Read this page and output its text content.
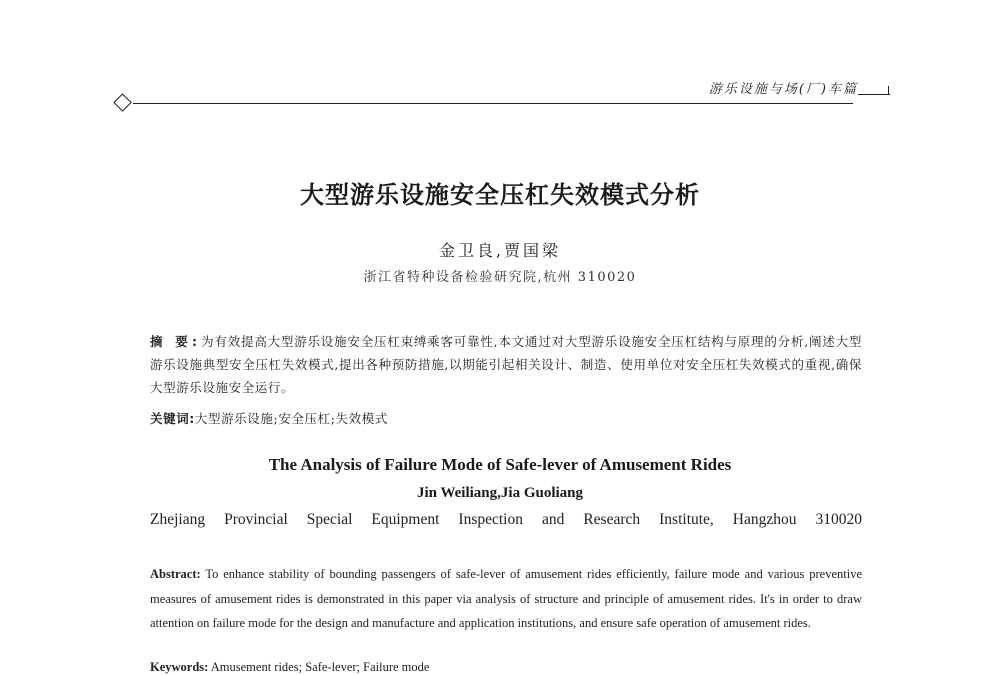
游乐设施与场(厂)车篇
大型游乐设施安全压杠失效模式分析
金卫良,贾国梁
浙江省特种设备检验研究院,杭州 310020
摘 要:为有效提高大型游乐设施安全压杠束缚乘客可靠性,本文通过对大型游乐设施安全压杠结构与原理的分析,阐述大型游乐设施典型安全压杠失效模式,提出各种预防措施,以期能引起相关设计、制造、使用单位对安全压杠失效模式的重视,确保大型游乐设施安全运行。
关键词:大型游乐设施;安全压杠;失效模式
The Analysis of Failure Mode of Safe-lever of Amusement Rides
Jin Weiliang,Jia Guoliang
Zhejiang Provincial Special Equipment Inspection and Research Institute, Hangzhou 310020
Abstract: To enhance stability of bounding passengers of safe-lever of amusement rides efficiently, failure mode and various preventive measures of amusement rides is demonstrated in this paper via analysis of structure and principle of amusement rides. It's in order to draw attention on failure mode for the design and manufacture and application institutions, and ensure safe operation of amusement rides.
Keywords: Amusement rides; Safe-lever; Failure mode
